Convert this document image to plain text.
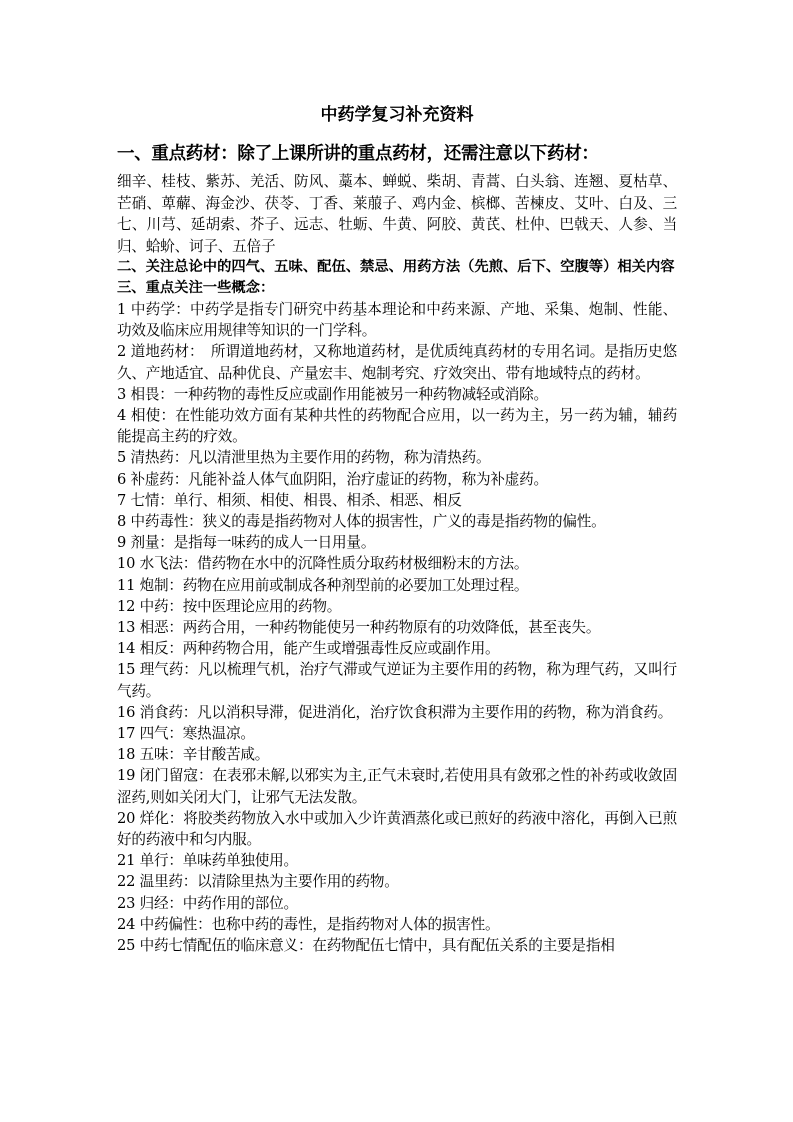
中药学复习补充资料
一、重点药材：除了上课所讲的重点药材，还需注意以下药材：

细辛、桂枝、紫苏、羌活、防风、藁本、蝉蜕、柴胡、青蒿、白头翁、连翘、夏枯草、芒硝、萆薢、海金沙、茯苓、丁香、莱菔子、鸡内金、槟榔、苦楝皮、艾叶、白及、三七、川芎、延胡索、芥子、远志、牡蛎、牛黄、阿胶、黄芪、杜仲、巴戟天、人参、当归、蛤蚧、诃子、五倍子

二、关注总论中的四气、五味、配伍、禁忌、用药方法（先煎、后下、空腹等）相关内容
三、重点关注一些概念：

1 中药学：中药学是指专门研究中药基本理论和中药来源、产地、采集、炮制、性能、功效及临床应用规律等知识的一门学科。

2 道地药材：　所谓道地药材，又称地道药材，是优质纯真药材的专用名词。是指历史悠久、产地适宜、品种优良、产量宏丰、炮制考究、疗效突出、带有地域特点的药材。

3 相畏：一种药物的毒性反应或副作用能被另一种药物减轻或消除。

4 相使：在性能功效方面有某种共性的药物配合应用，以一药为主，另一药为辅，辅药能提高主药的疗效。

5 清热药：凡以清泄里热为主要作用的药物，称为清热药。

6 补虚药：凡能补益人体气血阴阳，治疗虚证的药物，称为补虚药。

7 七情：单行、相须、相使、相畏、相杀、相恶、相反

8 中药毒性：狭义的毒是指药物对人体的损害性，广义的毒是指药物的偏性。

9 剂量：是指每一味药的成人一日用量。

10 水飞法：借药物在水中的沉降性质分取药材极细粉末的方法。

11 炮制：药物在应用前或制成各种剂型前的必要加工处理过程。

12 中药：按中医理论应用的药物。

13 相恶：两药合用，一种药物能使另一种药物原有的功效降低，甚至丧失。

14 相反：两种药物合用，能产生或增强毒性反应或副作用。

15 理气药：凡以梳理气机，治疗气滞或气逆证为主要作用的药物，称为理气药，又叫行气药。

16 消食药：凡以消积导滞，促进消化，治疗饮食积滞为主要作用的药物，称为消食药。

17 四气：寒热温凉。

18 五味：辛甘酸苦咸。

19 闭门留寇：在表邪未解,以邪实为主,正气未衰时,若使用具有敛邪之性的补药或收敛固涩药,则如关闭大门，让邪气无法发散。

20 烊化：将胶类药物放入水中或加入少许黄酒蒸化或已煎好的药液中溶化，再倒入已煎好的药液中和匀内服。

21 单行：单味药单独使用。

22 温里药：以清除里热为主要作用的药物。

23 归经：中药作用的部位。

24 中药偏性：也称中药的毒性，是指药物对人体的损害性。

25 中药七情配伍的临床意义：在药物配伍七情中，具有配伍关系的主要是指相
